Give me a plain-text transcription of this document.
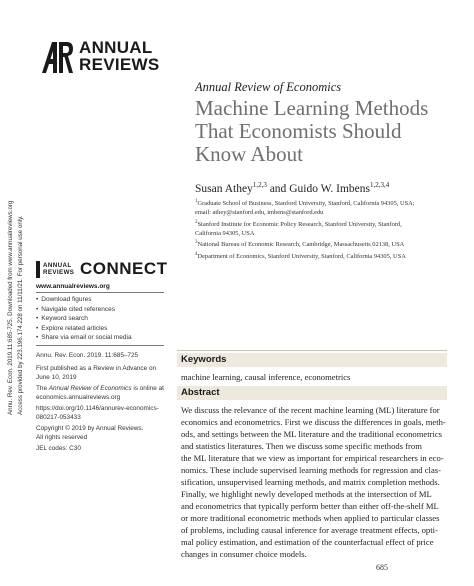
ANNUAL
REVIEWS
Annual Review of Economics
Machine Learning Methods
That Economists Should
Know About
Susan Athey$^{1,2,3}$ and Guido W. Imbens$^{1,2,3,4}$
$^1$Graduate School of Business, Stanford University, Stanford, California 94305, USA;
email: athey@stanford.edu, imbens@stanford.edu
$^2$Stanford Institute for Economic Policy Research, Stanford University, Stanford,
California 94305, USA
$^3$National Bureau of Economic Research, Cambridge, Massachusetts 02138, USA
$^4$Department of Economics, Stanford University, Stanford, California 94305, USA
Annu. Rev. Econ. 2019.11:685-725. Downloaded from www.annualreviews.org Access provided by 223.196.174.228 on 11/11/21. For personal use only.	ANNUAL
REVIEWS CONNECT
www.annualreviews.org
• Download figures
• Navigate cited references
• Keyword search
• Explore related articles
• Share via email or social media
Annu. Rev. Econ. 2019. 11:685–725
First published as a Review in Advance on
June 10, 2019
The Annual Review of Economics is online at
economics.annualreviews.org
https://doi.org/10.1146/annurev-economics-
080217-053433
Copyright © 2019 by Annual Reviews.
All rights reserved
JEL codes: C30
Keywords
machine learning, causal inference, econometrics
Abstract
We discuss the relevance of the recent machine learning (ML) literature for
economics and econometrics. First we discuss the differences in goals, meth-
ods, and settings between the ML literature and the traditional econometrics
and statistics literatures. Then we discuss some specific methods from
the ML literature that we view as important for empirical researchers in eco-
nomics. These include supervised learning methods for regression and clas-
sification, unsupervised learning methods, and matrix completion methods.
Finally, we highlight newly developed methods at the intersection of ML
and econometrics that typically perform better than either off-the-shelf ML
or more traditional econometric methods when applied to particular classes
of problems, including causal inference for average treatment effects, opti-
mal policy estimation, and estimation of the counterfactual effect of price
changes in consumer choice models.
685
